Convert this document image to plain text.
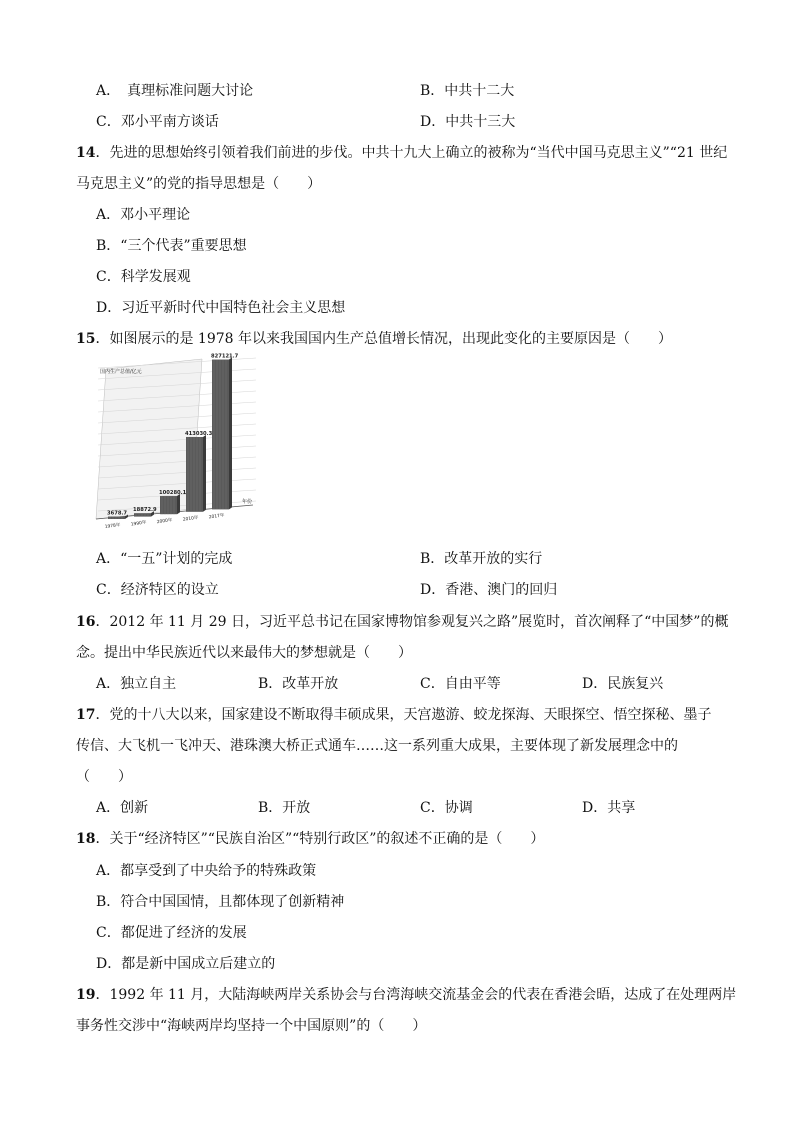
A．　真理标准问题大讨论	B．中共十二大
C．邓小平南方谈话	D．中共十三大
14．先进的思想始终引领着我们前进的步伐。中共十九大上确立的被称为“当代中国马克思主义”“21 世纪
马克思主义”的党的指导思想是（　　）
A．邓小平理论
B．“三个代表”重要思想
C．科学发展观
D．习近平新时代中国特色社会主义思想
15．如图展示的是 1978 年以来我国国内生产总值增长情况，出现此变化的主要原因是（　　）
国内生产总值/亿元
年份
3678.7
1978年
18872.9
1990年
100280.1
2000年
413030.3
2010年
827121.7
2017年
A．“一五”计划的完成	B．改革开放的实行
C．经济特区的设立	D．香港、澳门的回归
16．2012 年 11 月 29 日，习近平总书记在国家博物馆参观复兴之路”展览时，首次阐释了“中国梦”的概
念。提出中华民族近代以来最伟大的梦想就是（　　）
A．独立自主	B．改革开放	C．自由平等	D．民族复兴
17．党的十八大以来，国家建设不断取得丰硕成果，天宫遨游、蛟龙探海、天眼探空、悟空探秘、墨子
传信、大飞机一飞冲天、港珠澳大桥正式通车……这一系列重大成果，主要体现了新发展理念中的
（　　）
A．创新	B．开放	C．协调	D．共享
18．关于“经济特区”“民族自治区”“特别行政区”的叙述不正确的是（　　）
A．都享受到了中央给予的特殊政策
B．符合中国国情，且都体现了创新精神
C．都促进了经济的发展
D．都是新中国成立后建立的
19．1992 年 11 月，大陆海峡两岸关系协会与台湾海峡交流基金会的代表在香港会晤，达成了在处理两岸
事务性交涉中“海峡两岸均坚持一个中国原则”的（　　）
